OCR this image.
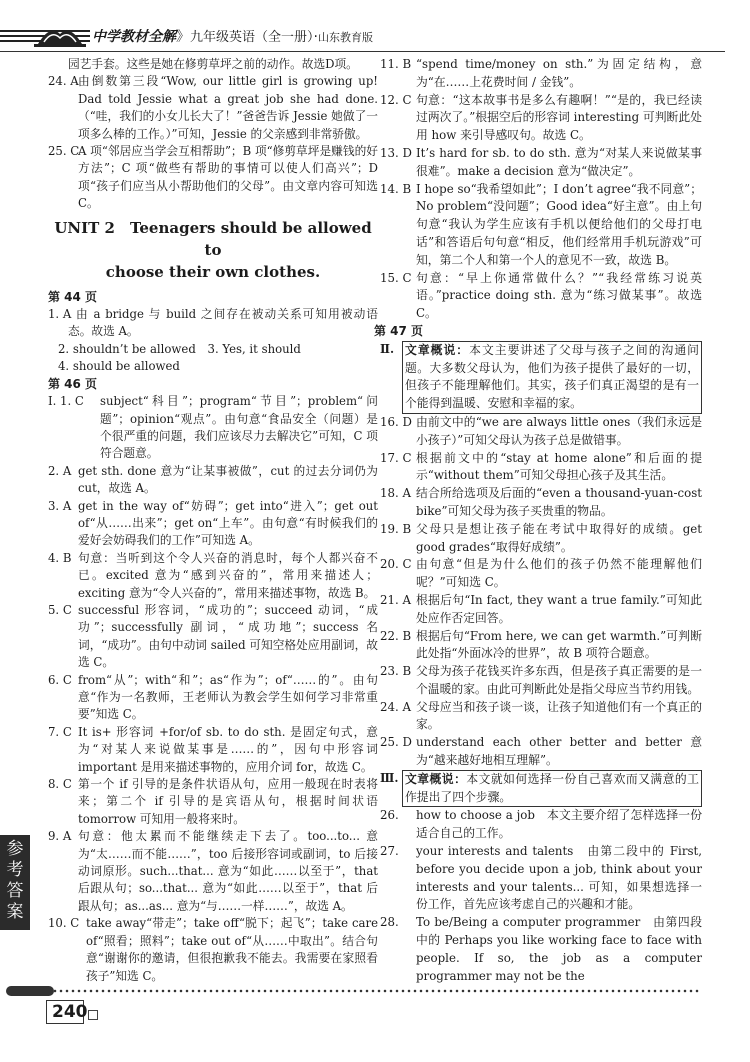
中学教材全解》九年级英语（全一册）·山东教育版

园艺手套。这些是她在修剪草坪之前的动作。故选D项。

24. A 由倒数第三段“Wow, our little girl is growing up! Dad told Jessie what a great job she had done.（“哇，我们的小女儿长大了！”爸爸告诉 Jessie 她做了一项多么棒的工作。）”可知，Jessie 的父亲感到非常骄傲。

25. C
A 项“邻居应当学会互相帮助”；B 项“修剪草坪是赚钱的好方法”；C 项“做些有帮助的事情可以使人们高兴”；D 项“孩子们应当从小帮助他们的父母”。由文章内容可知选 C。

UNIT 2　Teenagers should be allowed to
choose their own clothes.

第 44 页

1. A 由 a bridge 与 build 之间存在被动关系可知用被动语态。故选 A。

2. shouldn’t be allowed　3. Yes, it should

4. should be allowed

第 46 页

Ⅰ. 1. C subject“科目”；program“节目”；problem“问题”；opinion“观点”。由句意“食品安全（问题）是个很严重的问题，我们应该尽力去解决它”可知，C 项符合题意。

2. A get sth. done 意为“让某事被做”，cut 的过去分词仍为 cut，故选 A。

3. A get in the way of“妨碍”；get into“进入”；get out of“从……出来”；get on“上车”。由句意“有时候我们的爱好会妨碍我们的工作”可知选 A。

4. B 句意：当听到这个令人兴奋的消息时，每个人都兴奋不已。excited 意为“感到兴奋的”，常用来描述人；exciting 意为“令人兴奋的”，常用来描述事物，故选 B。

5. C successful 形容词，“成功的”；succeed 动词，“成功”；successfully 副词，“成功地”；success 名词，“成功”。由句中动词 sailed 可知空格处应用副词，故选 C。

6. C from“从”；with“和”；as“作为”；of“……的”。由句意“作为一名教师，王老师认为教会学生如何学习非常重要”知选 C。

7. C It is+ 形容词 +for/of sb. to do sth. 是固定句式，意为“对某人来说做某事是……的”，因句中形容词 important 是用来描述事物的，应用介词 for，故选 C。

8. C 第一个 if 引导的是条件状语从句，应用一般现在时表将来；第二个 if 引导的是宾语从句，根据时间状语 tomorrow 可知用一般将来时。

9. A 句意：他太累而不能继续走下去了。too...to... 意为“太……而不能……”，too 后接形容词或副词，to 后接动词原形。such...that... 意为“如此……以至于”，that 后跟从句；so...that... 意为“如此……以至于”，that 后跟从句；as...as... 意为“与……一样……”，故选 A。

10. C take away“带走”；take off“脱下；起飞”；take care of“照看；照料”；take out of“从……中取出”。结合句意“谢谢你的邀请，但很抱歉我不能去。我需要在家照看孩子”知选 C。

11. B “spend time/money on sth.”为固定结构，意为“在……上花费时间 / 金钱”。

12. C 句意：“这本故事书是多么有趣啊！”“是的，我已经读过两次了。”根据空后的形容词 interesting 可判断此处用 how 来引导感叹句。故选 C。

13. D It’s hard for sb. to do sth. 意为“对某人来说做某事很难”。make a decision 意为“做决定”。

14. B I hope so“我希望如此”；I don’t agree“我不同意”；No problem“没问题”；Good idea“好主意”。由上句句意“我认为学生应该有手机以便给他们的父母打电话”和答语后句句意“相反，他们经常用手机玩游戏”可知，第二个人和第一个人的意见不一致，故选 B。

15. C 句意：“早上你通常做什么？”“我经常练习说英语。”practice doing sth. 意为“练习做某事”。故选 C。

第 47 页

Ⅱ. 文章概说：本文主要讲述了父母与孩子之间的沟通问题。大多数父母认为，他们为孩子提供了最好的一切，但孩子不能理解他们。其实，孩子们真正渴望的是有一个能得到温暖、安慰和幸福的家。

16. D 由前文中的“we are always little ones（我们永远是小孩子）”可知父母认为孩子总是做错事。

17. C 根据前文中的“stay at home alone”和后面的提示“without them”可知父母担心孩子及其生活。

18. A 结合所给选项及后面的“even a thousand-yuan-cost bike”可知父母为孩子买贵重的物品。

19. B 父母只是想让孩子能在考试中取得好的成绩。get good grades“取得好成绩”。

20. C 由句意“但是为什么他们的孩子仍然不能理解他们呢？”可知选 C。

21. A 根据后句“In fact, they want a true family.”可知此处应作否定回答。

22. B 根据后句“From here, we can get warmth.”可判断此处指“外面冰冷的世界”，故 B 项符合题意。

23. B 父母为孩子花钱买许多东西，但是孩子真正需要的是一个温暖的家。由此可判断此处是指父母应当节约用钱。

24. A 父母应当和孩子谈一谈，让孩子知道他们有一个真正的家。

25. D understand each other better and better 意为“越来越好地相互理解”。

Ⅲ. 文章概说：本文就如何选择一份自己喜欢而又满意的工作提出了四个步骤。

26. how to choose a job　本文主要介绍了怎样选择一份适合自己的工作。

27. your interests and talents　由第二段中的 First, before you decide upon a job, think about your interests and your talents... 可知，如果想选择一份工作，首先应该考虑自己的兴趣和才能。

28. To be/Being a computer programmer　由第四段中的 Perhaps you like working face to face with people. If so, the job as a computer programmer may not be the

参
考
答
案
240
